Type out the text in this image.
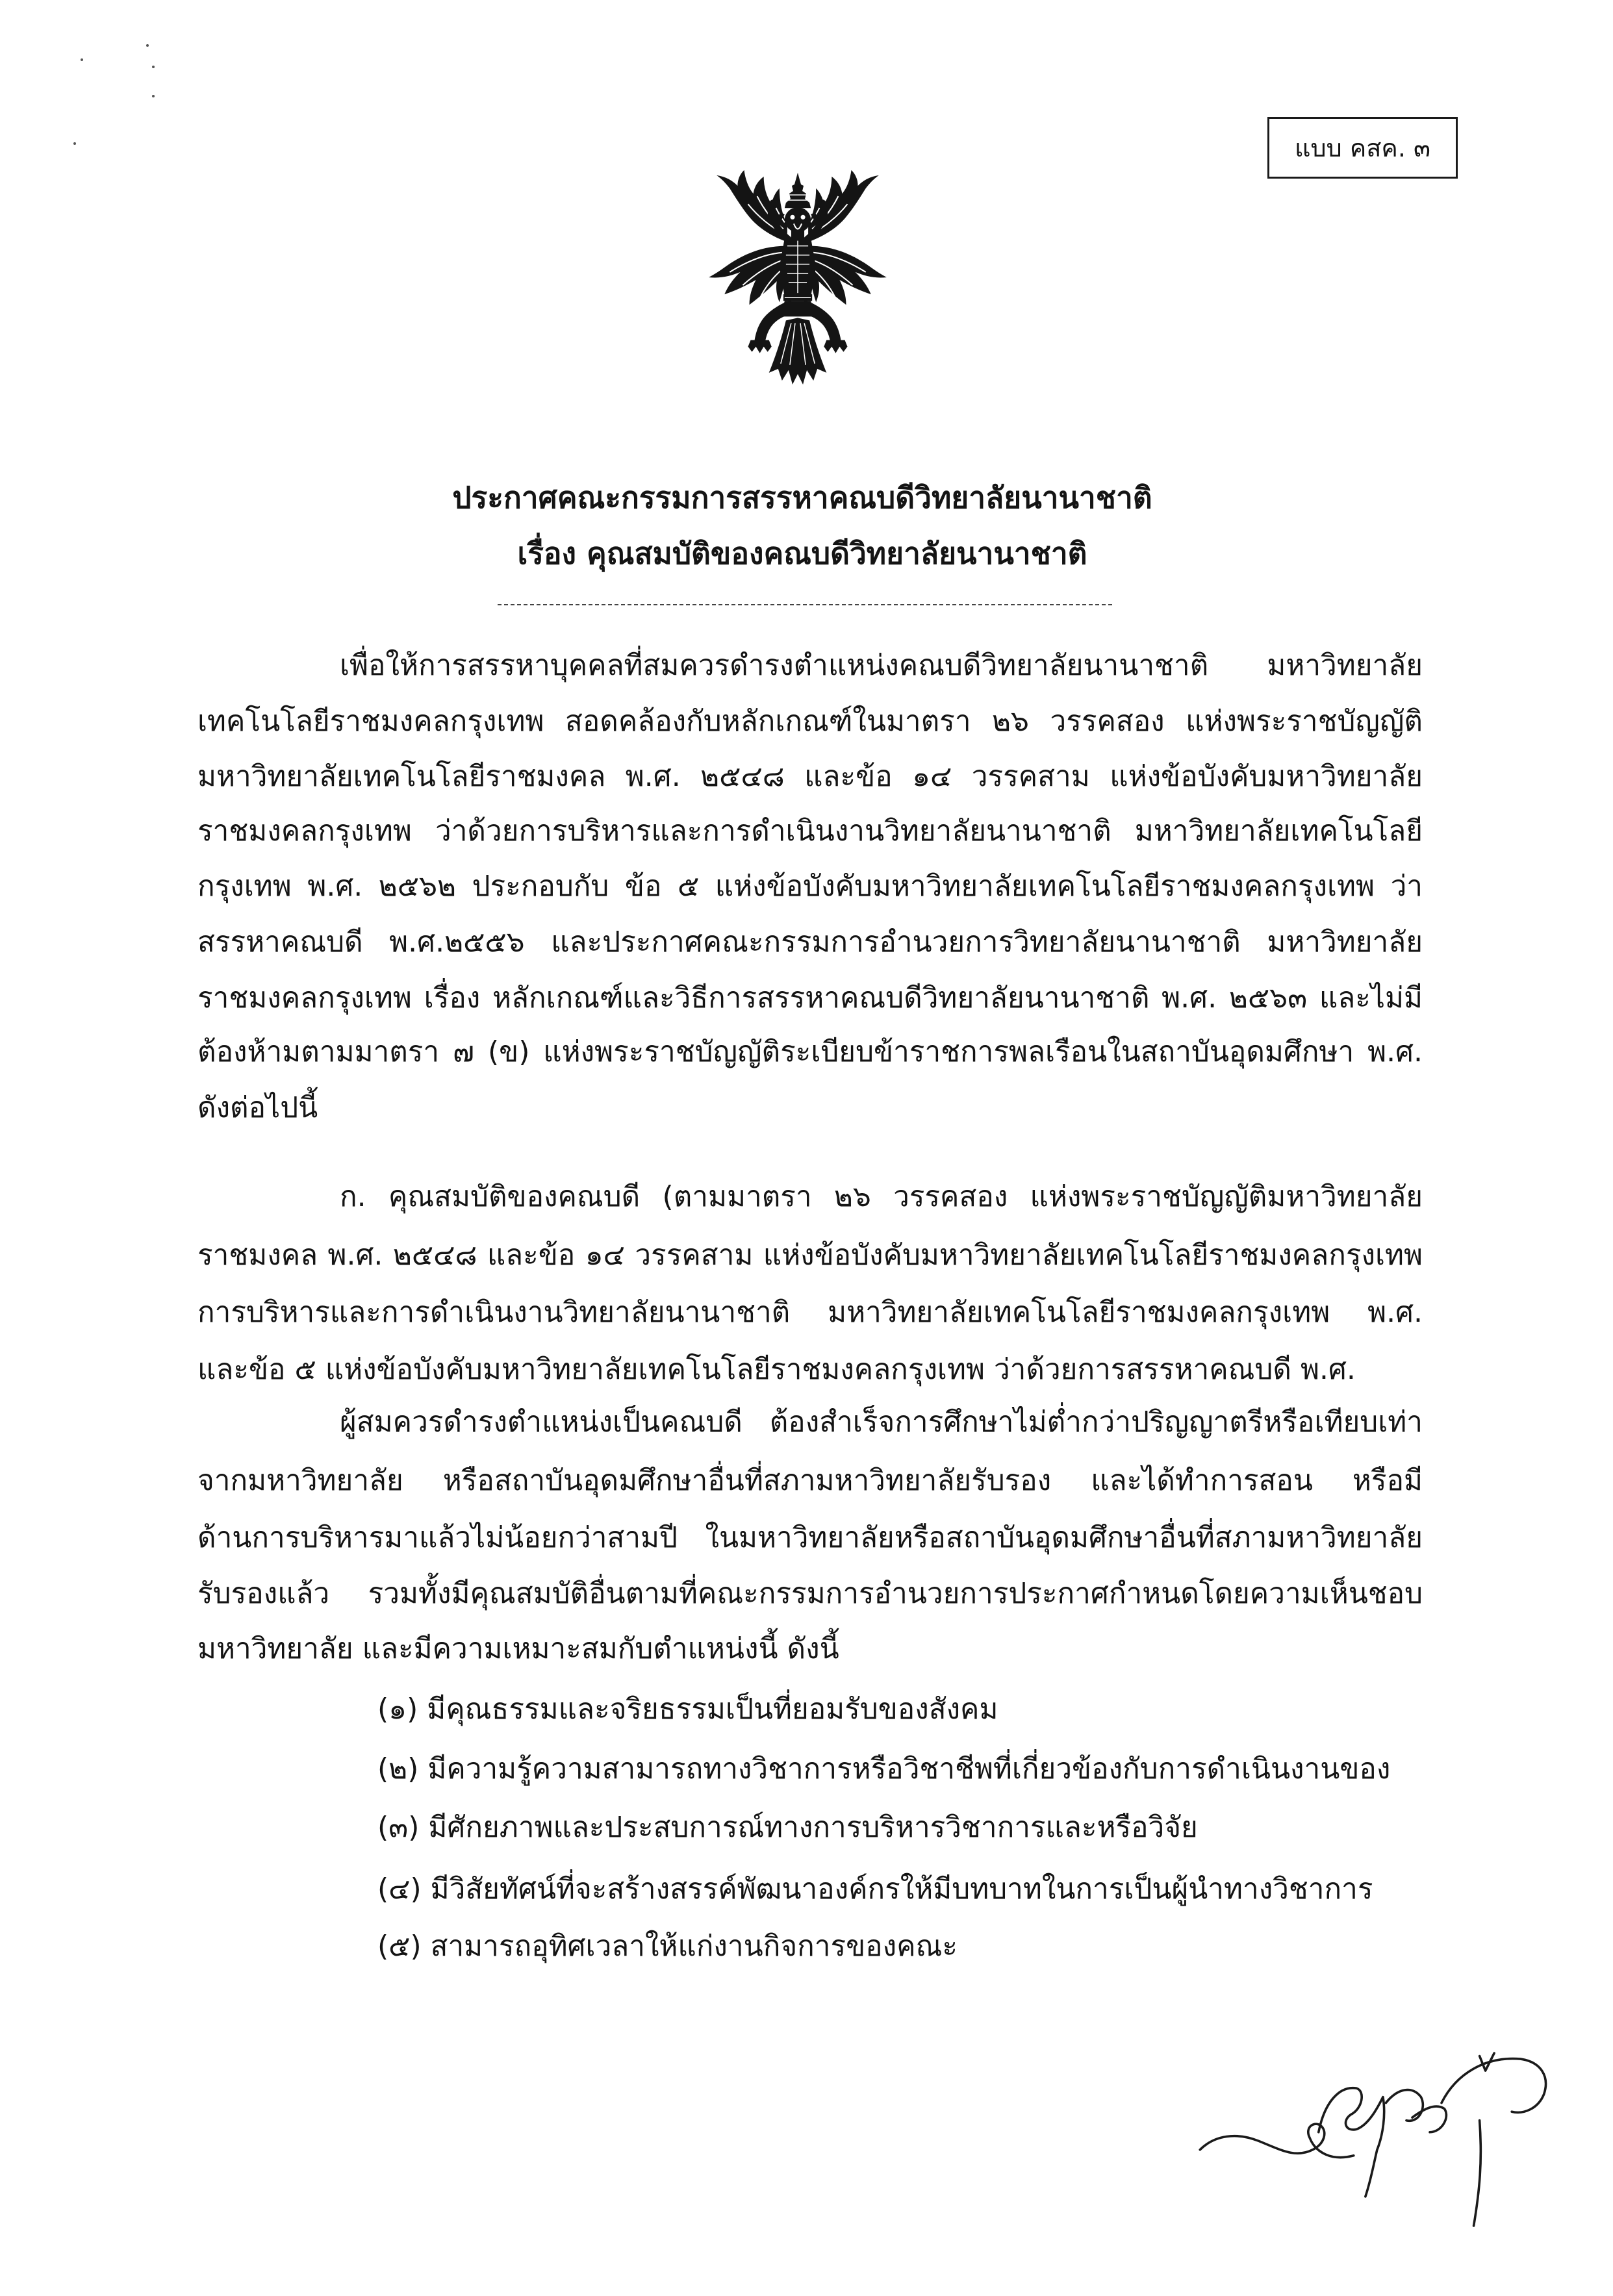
แบบ คสค. ๓
ประกาศคณะกรรมการสรรหาคณบดีวิทยาลัยนานาชาติ
เรื่อง คุณสมบัติของคณบดีวิทยาลัยนานาชาติ
เพื่อให้การสรรหาบุคคลที่สมควรดำรงตำแหน่งคณบดีวิทยาลัยนานาชาติ มหาวิทยาลัย
เทคโนโลยีราชมงคลกรุงเทพ สอดคล้องกับหลักเกณฑ์ในมาตรา ๒๖ วรรคสอง แห่งพระราชบัญญัติ
มหาวิทยาลัยเทคโนโลยีราชมงคล พ.ศ. ๒๕๔๘ และข้อ ๑๔ วรรคสาม แห่งข้อบังคับมหาวิทยาลัย
ราชมงคลกรุงเทพ ว่าด้วยการบริหารและการดำเนินงานวิทยาลัยนานาชาติ มหาวิทยาลัยเทคโนโลยี
กรุงเทพ พ.ศ. ๒๕๖๒ ประกอบกับ ข้อ ๕ แห่งข้อบังคับมหาวิทยาลัยเทคโนโลยีราชมงคลกรุงเทพ ว่า
สรรหาคณบดี พ.ศ.๒๕๕๖ และประกาศคณะกรรมการอำนวยการวิทยาลัยนานาชาติ มหาวิทยาลัย
ราชมงคลกรุงเทพ เรื่อง หลักเกณฑ์และวิธีการสรรหาคณบดีวิทยาลัยนานาชาติ พ.ศ. ๒๕๖๓ และไม่มี
ต้องห้ามตามมาตรา ๗ (ข) แห่งพระราชบัญญัติระเบียบข้าราชการพลเรือนในสถาบันอุดมศึกษา พ.ศ.
ดังต่อไปนี้
ก. คุณสมบัติของคณบดี (ตามมาตรา ๒๖ วรรคสอง แห่งพระราชบัญญัติมหาวิทยาลัย
ราชมงคล พ.ศ. ๒๕๔๘ และข้อ ๑๔ วรรคสาม แห่งข้อบังคับมหาวิทยาลัยเทคโนโลยีราชมงคลกรุงเทพ
การบริหารและการดำเนินงานวิทยาลัยนานาชาติ มหาวิทยาลัยเทคโนโลยีราชมงคลกรุงเทพ พ.ศ.
และข้อ ๕ แห่งข้อบังคับมหาวิทยาลัยเทคโนโลยีราชมงคลกรุงเทพ ว่าด้วยการสรรหาคณบดี พ.ศ.
ผู้สมควรดำรงตำแหน่งเป็นคณบดี ต้องสำเร็จการศึกษาไม่ต่ำกว่าปริญญาตรีหรือเทียบเท่า
จากมหาวิทยาลัย หรือสถาบันอุดมศึกษาอื่นที่สภามหาวิทยาลัยรับรอง และได้ทำการสอน หรือมี
ด้านการบริหารมาแล้วไม่น้อยกว่าสามปี ในมหาวิทยาลัยหรือสถาบันอุดมศึกษาอื่นที่สภามหาวิทยาลัย
รับรองแล้ว รวมทั้งมีคุณสมบัติอื่นตามที่คณะกรรมการอำนวยการประกาศกำหนดโดยความเห็นชอบ
มหาวิทยาลัย และมีความเหมาะสมกับตำแหน่งนี้ ดังนี้
(๑) มีคุณธรรมและจริยธรรมเป็นที่ยอมรับของสังคม
(๒) มีความรู้ความสามารถทางวิชาการหรือวิชาชีพที่เกี่ยวข้องกับการดำเนินงานของ
(๓) มีศักยภาพและประสบการณ์ทางการบริหารวิชาการและหรือวิจัย
(๔) มีวิสัยทัศน์ที่จะสร้างสรรค์พัฒนาองค์กรให้มีบทบาทในการเป็นผู้นำทางวิชาการ
(๕) สามารถอุทิศเวลาให้แก่งานกิจการของคณะ
